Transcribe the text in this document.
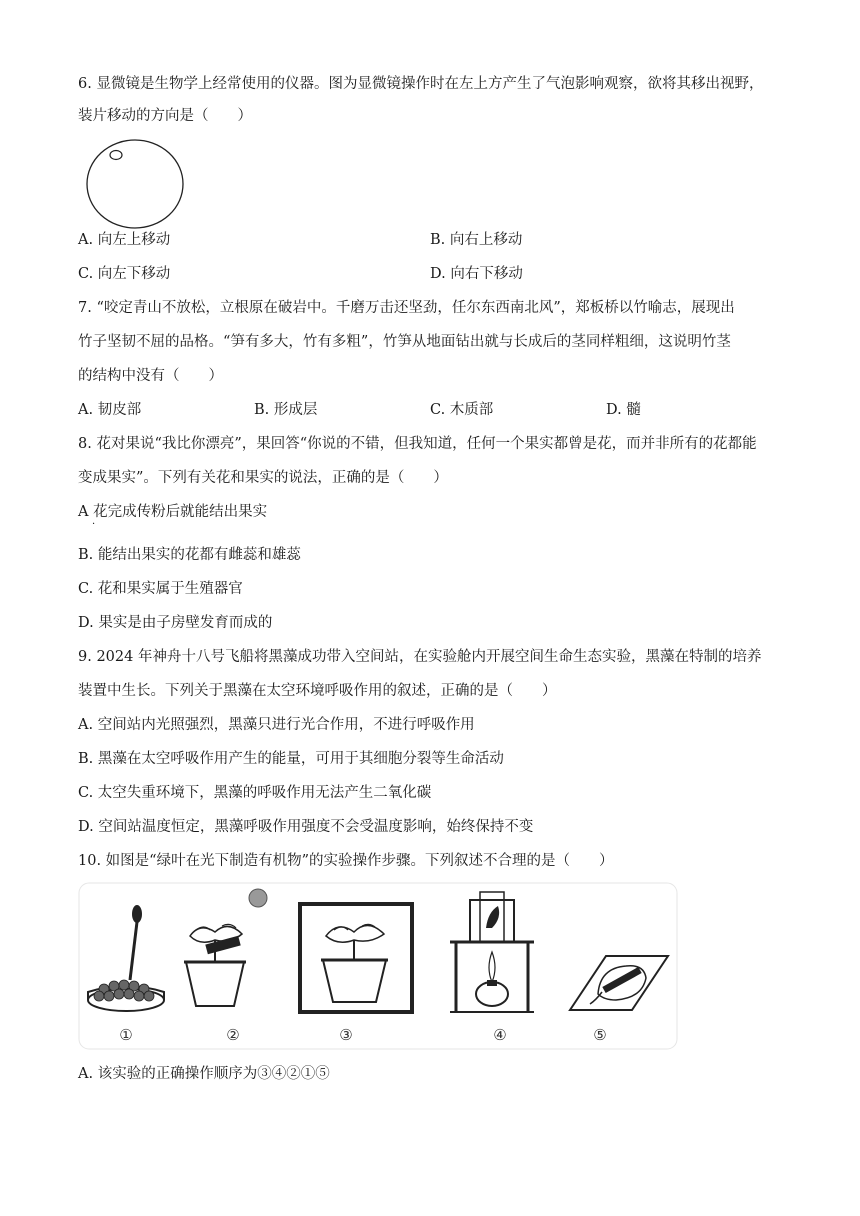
6. 显微镜是生物学上经常使用的仪器。图为显微镜操作时在左上方产生了气泡影响观察，欲将其移出视野，
装片移动的方向是（　　）
A. 向左上移动	B. 向右上移动
C. 向左下移动	D. 向右下移动
7. “咬定青山不放松，立根原在破岩中。千磨万击还坚劲，任尔东西南北风”，郑板桥以竹喻志，展现出
竹子坚韧不屈的品格。“笋有多大，竹有多粗”，竹笋从地面钻出就与长成后的茎同样粗细，这说明竹茎
的结构中没有（　　）
A. 韧皮部	B. 形成层	C. 木质部	D. 髓
8. 花对果说“我比你漂亮”，果回答“你说的不错，但我知道，任何一个果实都曾是花，而并非所有的花都能
变成果实”。下列有关花和果实的说法，正确的是（　　）
A 花完成传粉后就能结出果实
·
B. 能结出果实的花都有雌蕊和雄蕊
C. 花和果实属于生殖器官
D. 果实是由子房壁发育而成的
9. 2024 年神舟十八号飞船将黑藻成功带入空间站，在实验舱内开展空间生命生态实验，黑藻在特制的培养
装置中生长。下列关于黑藻在太空环境呼吸作用的叙述，正确的是（　　）
A. 空间站内光照强烈，黑藻只进行光合作用，不进行呼吸作用
B. 黑藻在太空呼吸作用产生的能量，可用于其细胞分裂等生命活动
C. 太空失重环境下，黑藻的呼吸作用无法产生二氧化碳
D. 空间站温度恒定，黑藻呼吸作用强度不会受温度影响，始终保持不变
10. 如图是“绿叶在光下制造有机物”的实验操作步骤。下列叙述不合理的是（　　）
①	②	③	④	⑤
A. 该实验的正确操作顺序为③④②①⑤
